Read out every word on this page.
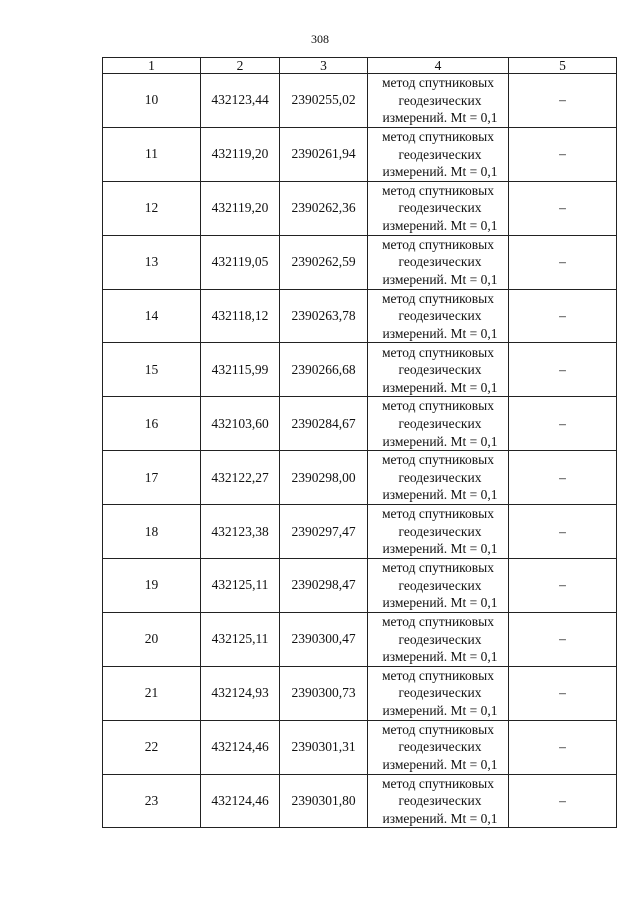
308
1	2	3	4	5
10	432123,44	2390255,02	метод спутниковых
геодезических
измерений. Mt = 0,1	–
11	432119,20	2390261,94	метод спутниковых
геодезических
измерений. Mt = 0,1	–
12	432119,20	2390262,36	метод спутниковых
геодезических
измерений. Mt = 0,1	–
13	432119,05	2390262,59	метод спутниковых
геодезических
измерений. Mt = 0,1	–
14	432118,12	2390263,78	метод спутниковых
геодезических
измерений. Mt = 0,1	–
15	432115,99	2390266,68	метод спутниковых
геодезических
измерений. Mt = 0,1	–
16	432103,60	2390284,67	метод спутниковых
геодезических
измерений. Mt = 0,1	–
17	432122,27	2390298,00	метод спутниковых
геодезических
измерений. Mt = 0,1	–
18	432123,38	2390297,47	метод спутниковых
геодезических
измерений. Mt = 0,1	–
19	432125,11	2390298,47	метод спутниковых
геодезических
измерений. Mt = 0,1	–
20	432125,11	2390300,47	метод спутниковых
геодезических
измерений. Mt = 0,1	–
21	432124,93	2390300,73	метод спутниковых
геодезических
измерений. Mt = 0,1	–
22	432124,46	2390301,31	метод спутниковых
геодезических
измерений. Mt = 0,1	–
23	432124,46	2390301,80	метод спутниковых
геодезических
измерений. Mt = 0,1	–
